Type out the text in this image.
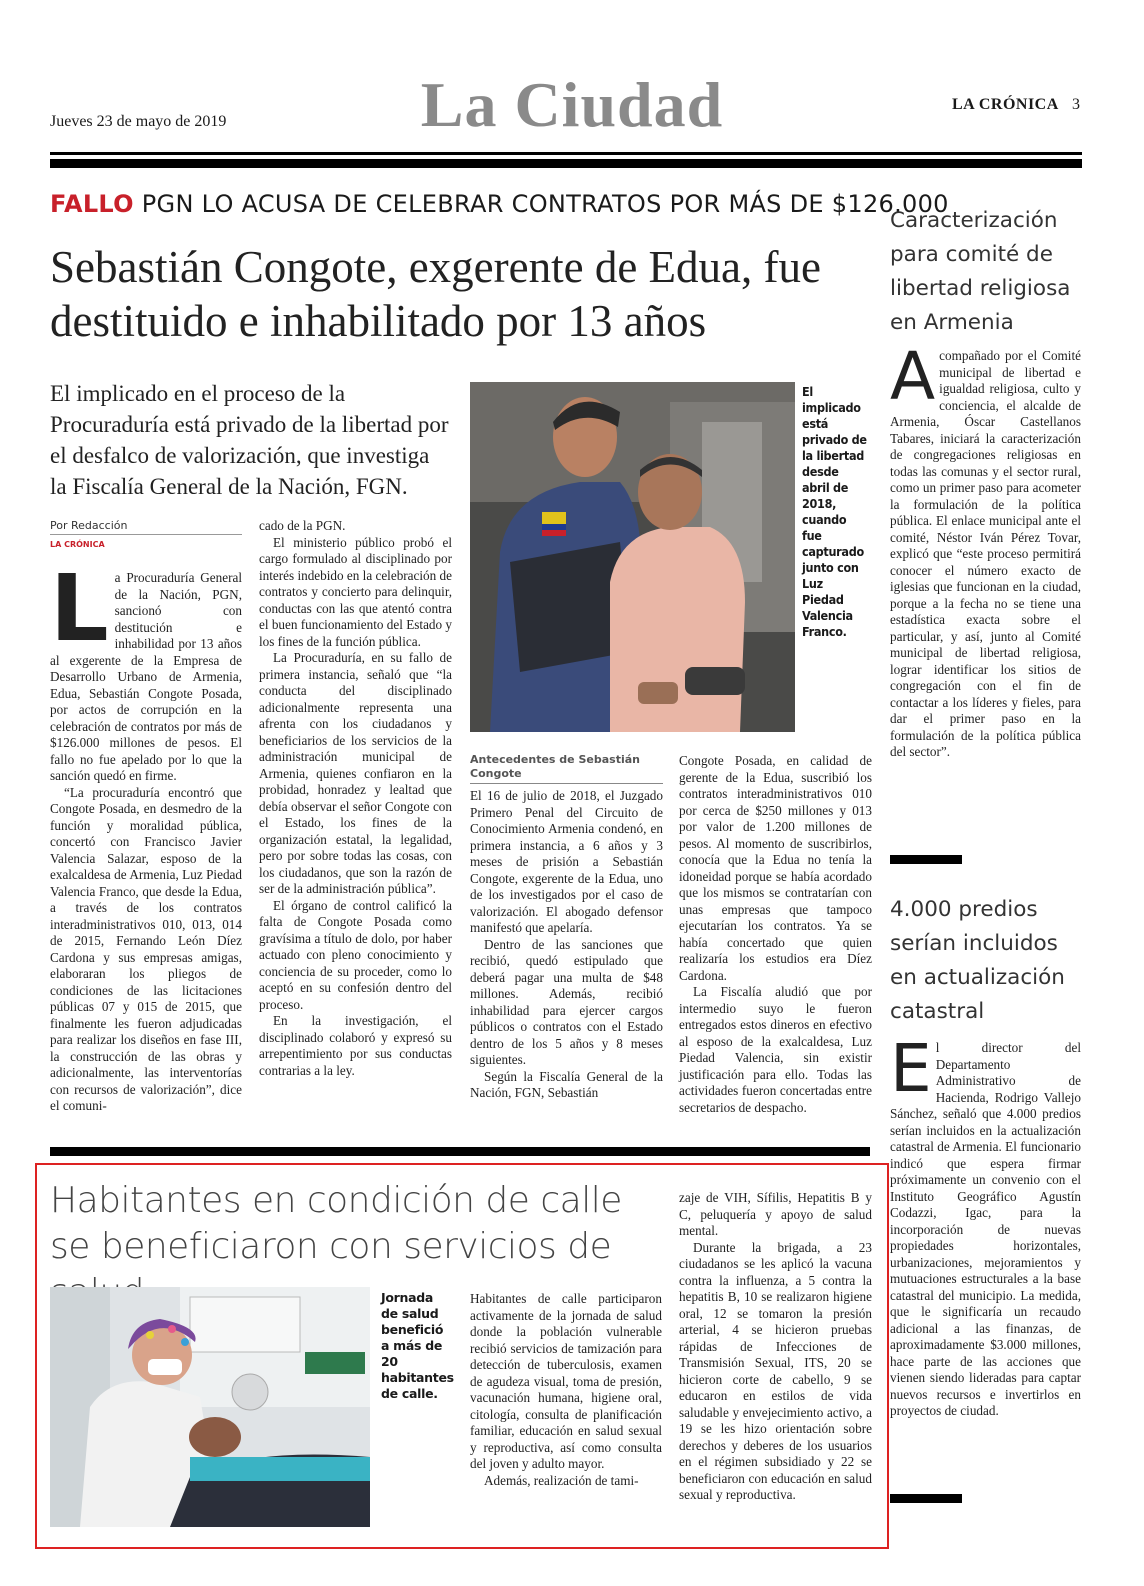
Jueves 23 de mayo de 2019	La Ciudad	LA CRÓNICA 3
FALLO PGN LO ACUSA DE CELEBRAR CONTRATOS POR MÁS DE $126.000
Sebastián Congote, exgerente de Edua, fue destituido e inhabilitado por 13 años
El implicado en el proceso de la Procuraduría está privado de la libertad por el desfalco de valorización, que investiga la Fiscalía General de la Nación, FGN.
Por Redacción
LA CRÓNICA

La Procuraduría General de la Nación, PGN, sancionó con destitución e inhabilidad por 13 años al exgerente de la Empresa de Desarrollo Urbano de Armenia, Edua, Sebastián Congote Posada, por actos de corrupción en la celebración de contratos por más de $126.000 millones de pesos. El fallo no fue apelado por lo que la sanción quedó en firme.

“La procuraduría encontró que Congote Posada, en desmedro de la función y moralidad pública, concertó con Francisco Javier Valencia Salazar, esposo de la exalcaldesa de Armenia, Luz Piedad Valencia Franco, que desde la Edua, a través de los contratos interadministrativos 010, 013, 014 de 2015, Fernando León Díez Cardona y sus empresas amigas, elaboraran los pliegos de condiciones de las licitaciones públicas 07 y 015 de 2015, que finalmente les fueron adjudicadas para realizar los diseños en fase III, la construcción de las obras y adicionalmente, las interventorías con recursos de valorización”, dice el comuni-

cado de la PGN.

El ministerio público probó el cargo formulado al disciplinado por interés indebido en la celebración de contratos y concierto para delinquir, conductas con las que atentó contra el buen funcionamiento del Estado y los fines de la función pública.

La Procuraduría, en su fallo de primera instancia, señaló que “la conducta del disciplinado adicionalmente representa una afrenta con los ciudadanos y beneficiarios de los servicios de la administración municipal de Armenia, quienes confiaron en la probidad, honradez y lealtad que debía observar el señor Congote con el Estado, los fines de la organización estatal, la legalidad, pero por sobre todas las cosas, con los ciudadanos, que son la razón de ser de la administración pública”.

El órgano de control calificó la falta de Congote Posada como gravísima a título de dolo, por haber actuado con pleno conocimiento y conciencia de su proceder, como lo aceptó en su confesión dentro del proceso.

En la investigación, el disciplinado colaboró y expresó su arrepentimiento por sus conductas contrarias a la ley.

El implicado está privado de la libertad desde abril de 2018, cuando fue capturado junto con Luz Piedad Valencia Franco.
Antecedentes de Sebastián Congote

El 16 de julio de 2018, el Juzgado Primero Penal del Circuito de Conocimiento Armenia condenó, en primera instancia, a 6 años y 3 meses de prisión a Sebastián Congote, exgerente de la Edua, uno de los investigados por el caso de valorización. El abogado defensor manifestó que apelaría.

Dentro de las sanciones que recibió, quedó estipulado que deberá pagar una multa de $48 millones. Además, recibió inhabilidad para ejercer cargos públicos o contratos con el Estado dentro de los 5 años y 8 meses siguientes.

Según la Fiscalía General de la Nación, FGN, Sebastián

Congote Posada, en calidad de gerente de la Edua, suscribió los contratos interadministrativos 010 por cerca de $250 millones y 013 por valor de 1.200 millones de pesos. Al momento de suscribirlos, conocía que la Edua no tenía la idoneidad porque se había acordado que los mismos se contratarían con unas empresas que tampoco ejecutarían los contratos. Ya se había concertado que quien realizaría los estudios era Díez Cardona.

La Fiscalía aludió que por intermedio suyo le fueron entregados estos dineros en efectivo al esposo de la exalcaldesa, Luz Piedad Valencia, sin existir justificación para ello. Todas las actividades fueron concertadas entre secretarios de despacho.

Habitantes en condición de calle se beneficiaron con servicios de
Jornada de salud benefició a más de 20 habitantes de calle.

Habitantes de calle participaron activamente de la jornada de salud donde la población vulnerable recibió servicios de tamización para detección de tuberculosis, examen de agudeza visual, toma de presión, vacunación humana, higiene oral, citología, consulta de planificación familiar, educación en salud sexual y reproductiva, así como consulta del joven y adulto mayor.

Además, realización de tami-

zaje de VIH, Sífilis, Hepatitis B y C, peluquería y apoyo de salud mental.

Durante la brigada, a 23 ciudadanos se les aplicó la vacuna contra la influenza, a 5 contra la hepatitis B, 10 se realizaron higiene oral, 12 se tomaron la presión arterial, 4 se hicieron pruebas rápidas de Infecciones de Transmisión Sexual, ITS, 20 se hicieron corte de cabello, 9 se educaron en estilos de vida saludable y envejecimiento activo, a 19 se les hizo orientación sobre derechos y deberes de los usuarios en el régimen subsidiado y 22 se beneficiaron con educación en salud sexual y reproductiva.

Caracterización para comité de libertad religiosa en Armenia

Acompañado por el Comité municipal de libertad e igualdad religiosa, culto y conciencia, el alcalde de Armenia, Óscar Castellanos Tabares, iniciará la caracterización de congregaciones religiosas en todas las comunas y el sector rural, como un primer paso para acometer la formulación de la política pública. El enlace municipal ante el comité, Néstor Iván Pérez Tovar, explicó que “este proceso permitirá conocer el número exacto de iglesias que funcionan en la ciudad, porque a la fecha no se tiene una estadística exacta sobre el particular, y así, junto al Comité municipal de libertad religiosa, lograr identificar los sitios de congregación con el fin de contactar a los líderes y fieles, para dar el primer paso en la formulación de la política pública del sector”.

4.000 predios serían incluidos en actualización catastral

El director del Departamento Administrativo de Hacienda, Rodrigo Vallejo Sánchez, señaló que 4.000 predios serían incluidos en la actualización catastral de Armenia. El funcionario indicó que espera firmar próximamente un convenio con el Instituto Geográfico Agustín Codazzi, Igac, para la incorporación de nuevas propiedades horizontales, urbanizaciones, mejoramientos y mutuaciones estructurales a la base catastral del municipio. La medida, que le significaría un recaudo adicional a las finanzas, de aproximadamente $3.000 millones, hace parte de las acciones que vienen siendo lideradas para captar nuevos recursos e invertirlos en proyectos de ciudad.
